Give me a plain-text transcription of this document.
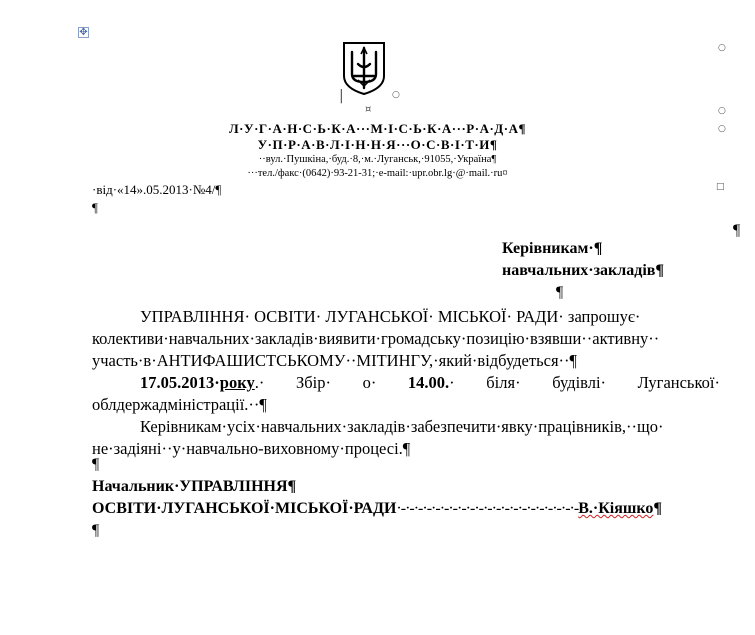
✥
|	○
○
○
○
□
¤
Л·У·Г·А·Н·С·Ь·К·А···М·І·С·Ь·К·А···Р·А·Д·А¶
У·П·Р·А·В·Л·І·Н·Н·Я···О·С·В·І·Т·И¶
··вул.·Пушкіна,·буд.·8,·м.·Луганськ,·91055,·Україна¶
···тел./факс·(0642)·93-21-31;·e-mail:·upr.obr.lg·@·mail.·ru¤
·від·«14».05.2013·№4/¶
¶
¶
Керівникам·¶
навчальних·закладів¶
¶
УПРАВЛІННЯ· ОСВІТИ· ЛУГАНСЬКОЇ· МІСЬКОЇ· РАДИ· запрошує·
колективи·навчальних·закладів·виявити·громадську·позицію·взявши··активну··
участь·в·АНТИФАШИСТСЬКОМУ··МІТИНГУ,·який·відбудеться··¶
17.05.2013·року.· Збір· о· 14.00.· біля· будівлі· Луганської·
облдержадміністрації.··¶
Керівникам·усіх·навчальних·закладів·забезпечити·явку·працівників,··що·
не·задіяні··у·навчально-виховному·процесі.¶
¶
Начальник·УПРАВЛІННЯ¶
ОСВІТИ·ЛУГАНСЬКОЇ·МІСЬКОЇ·РАДИ·-·-·-·-·-·-·-·-·-·-·-·-·-·-·-·-·-·-·-·-·-В.·Кіяшко¶
¶
